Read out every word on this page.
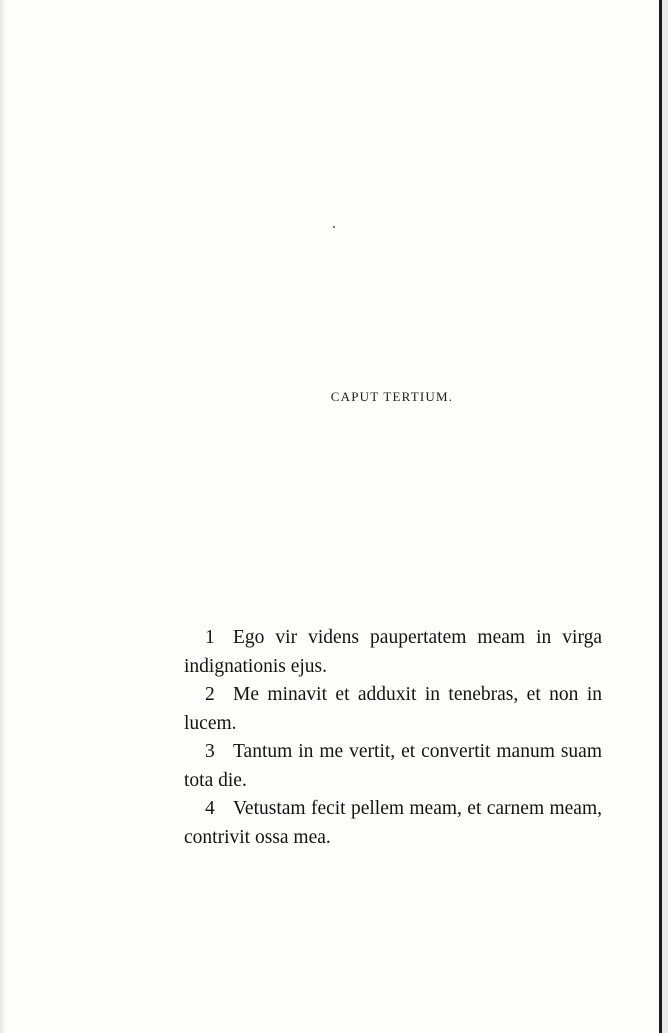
CAPUT TERTIUM.

1 Ego vir videns paupertatem meam in virga indignationis ejus.

2 Me minavit et adduxit in tenebras, et non in lucem.

3 Tantum in me vertit, et convertit manum suam tota die.

4 Vetustam fecit pellem meam, et carnem meam, contrivit ossa mea.
